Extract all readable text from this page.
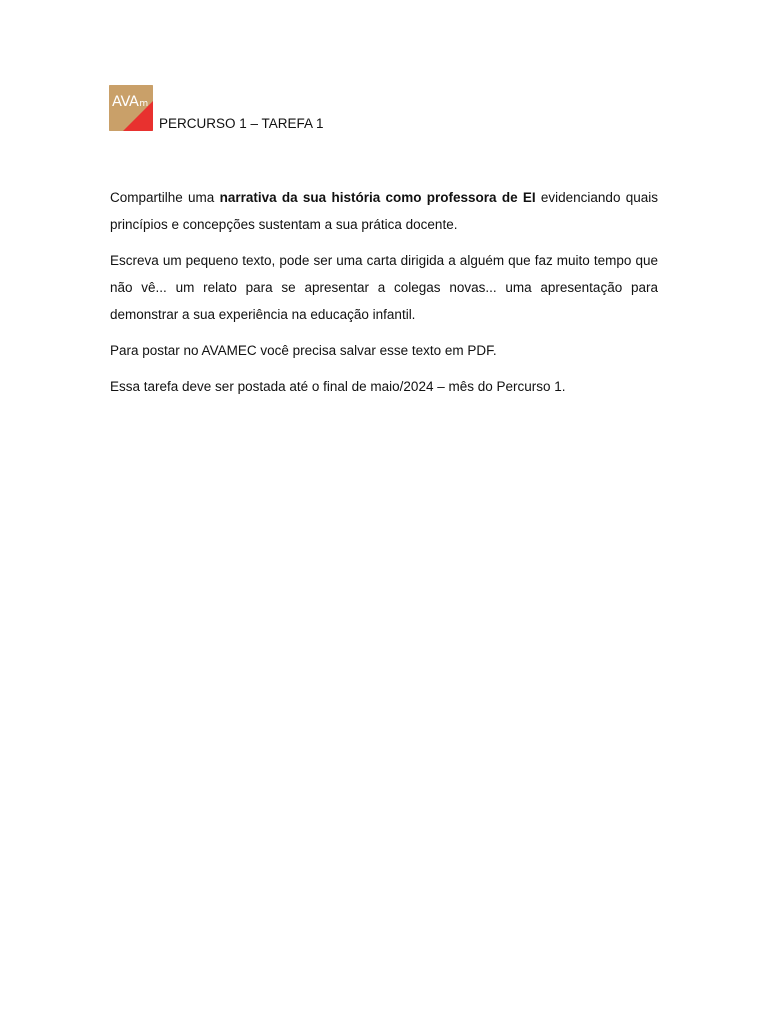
AVAm
PERCURSO 1 – TAREFA 1

Compartilhe uma narrativa da sua história como professora de EI evidenciando quais princípios e concepções sustentam a sua prática docente.

Escreva um pequeno texto, pode ser uma carta dirigida a alguém que faz muito tempo que não vê... um relato para se apresentar a colegas novas... uma apresentação para demonstrar a sua experiência na educação infantil.

Para postar no AVAMEC você precisa salvar esse texto em PDF.

Essa tarefa deve ser postada até o final de maio/2024 – mês do Percurso 1.
